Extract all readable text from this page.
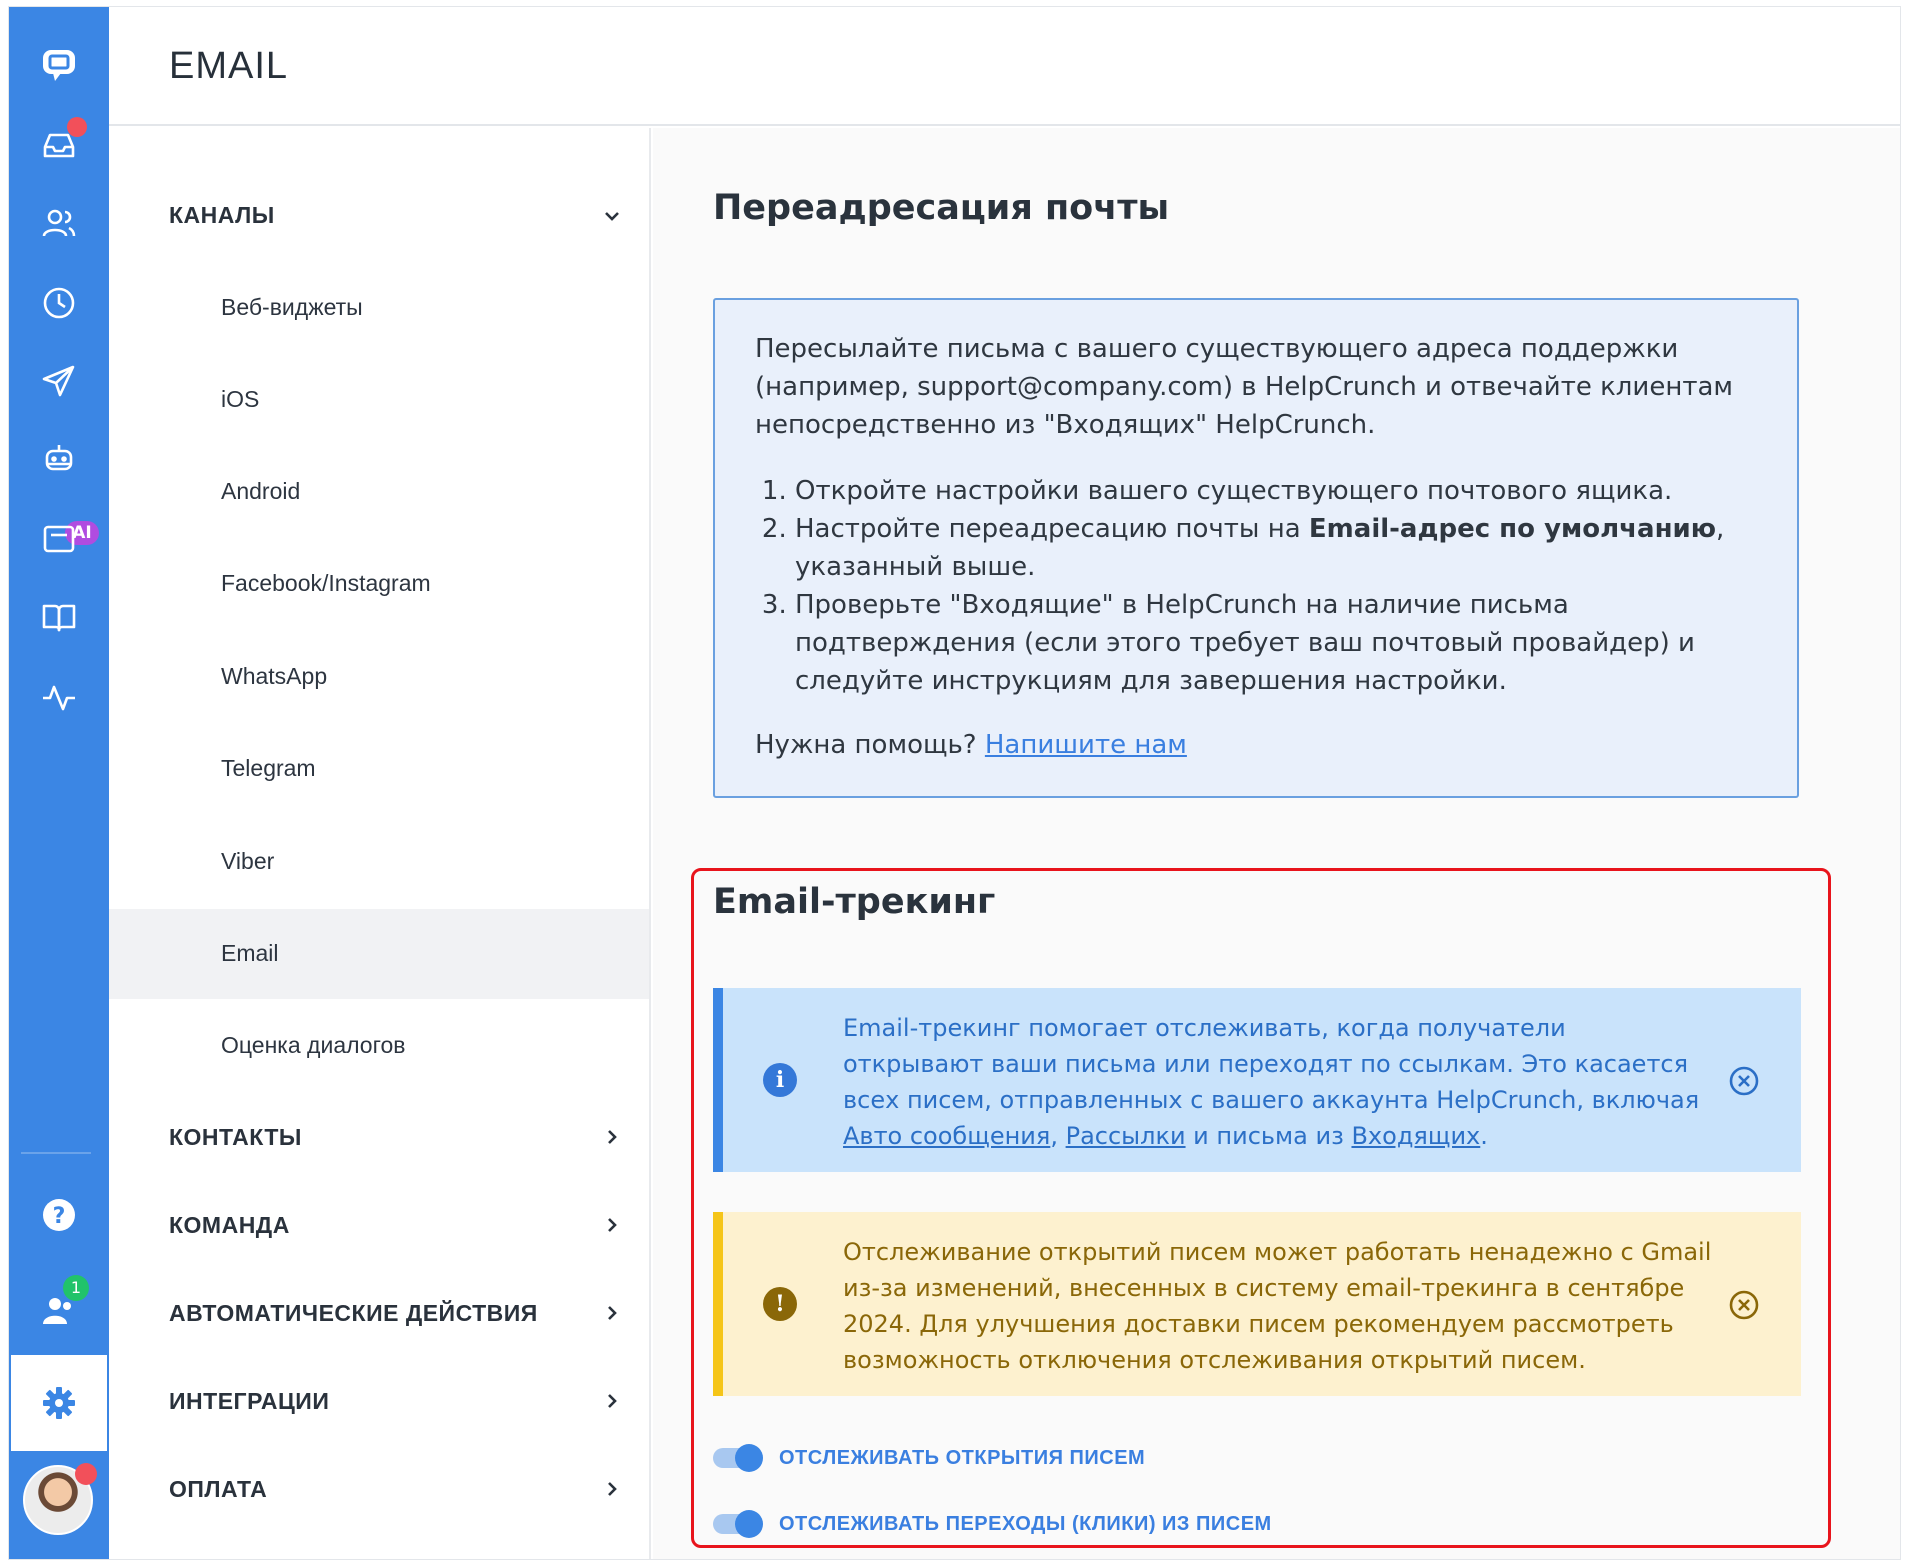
AI
?
1
EMAIL
КАНАЛЫ
Веб-виджеты
iOS
Android
Facebook/Instagram
WhatsApp
Telegram
Viber
Email
Оценка диалогов
КОНТАКТЫ
КОМАНДА
АВТОМАТИЧЕСКИЕ ДЕЙСТВИЯ
ИНТЕГРАЦИИ
ОПЛАТА
Переадресация почты

Пересылайте письма с вашего существующего адреса поддержки (например, support@company.com) в HelpCrunch и отвечайте клиентам непосредственно из "Входящих" HelpCrunch.

1. Откройте настройки вашего существующего почтового ящика.
2. Настройте переадресацию почты на Email-адрес по умолчанию, указанный выше.
3. Проверьте "Входящие" в HelpCrunch на наличие письма подтверждения (если этого требует ваш почтовый провайдер) и следуйте инструкциям для завершения настройки.
Нужна помощь? Напишите нам
Email-трекинг
i
Email-трекинг помогает отслеживать, когда получатели открывают ваши письма или переходят по ссылкам. Это касается всех писем, отправленных с вашего аккаунта HelpCrunch, включая Авто сообщения, Рассылки и письма из Входящих.
!
Отслеживание открытий писем может работать ненадежно с Gmail из-за изменений, внесенных в систему email-трекинга в сентябре 2024. Для улучшения доставки писем рекомендуем рассмотреть возможность отключения отслеживания открытий писем.
ОТСЛЕЖИВАТЬ ОТКРЫТИЯ ПИСЕМ
ОТСЛЕЖИВАТЬ ПЕРЕХОДЫ (КЛИКИ) ИЗ ПИСЕМ
